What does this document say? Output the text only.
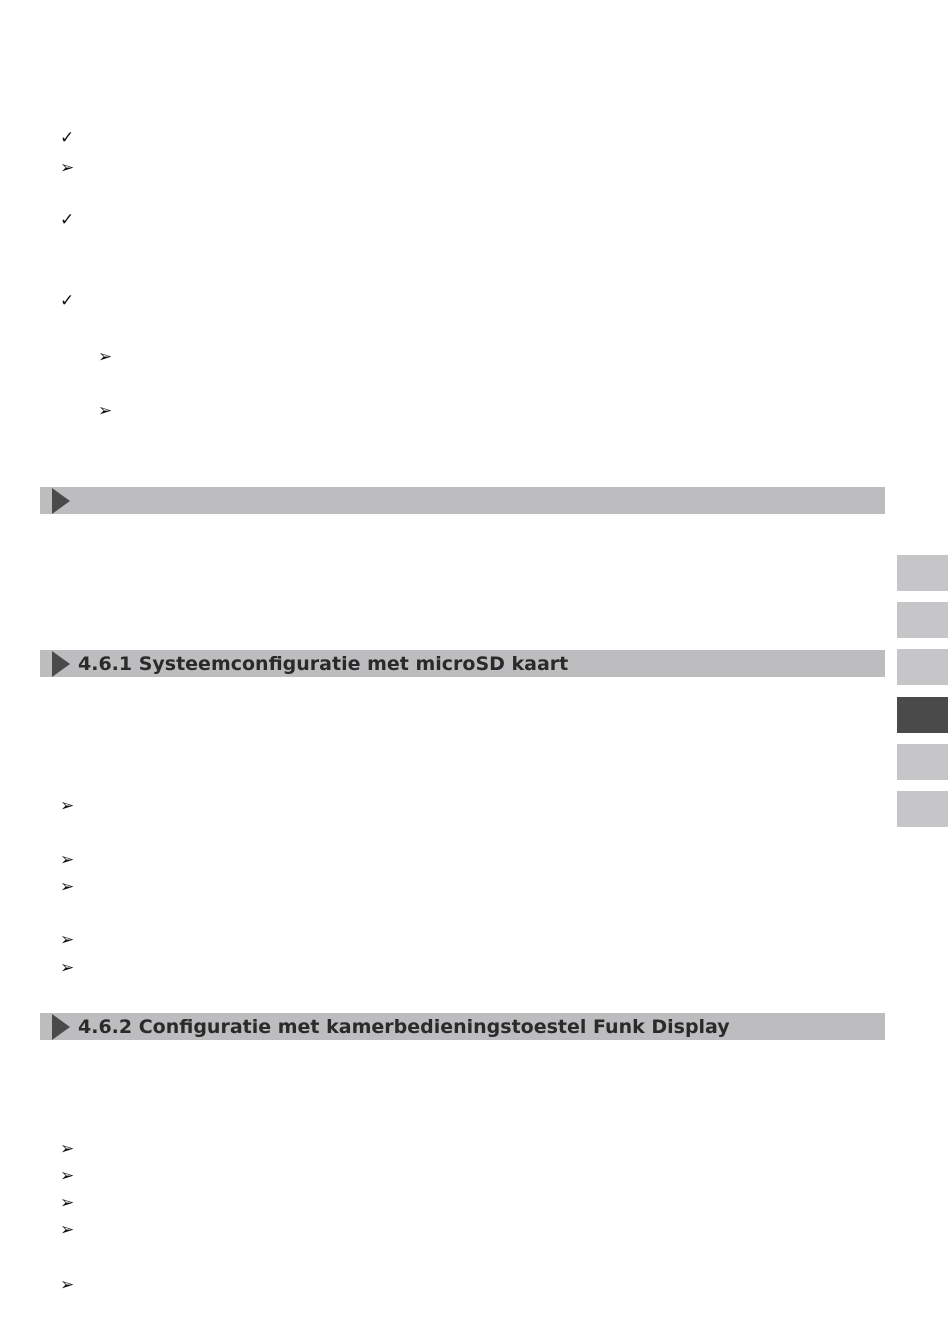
✓
➢
✓
✓
➢
➢
4.6.1 Systeemconfiguratie met microSD kaart
➢
➢
➢
➢
➢
4.6.2 Configuratie met kamerbedieningstoestel Funk Display
➢
➢
➢
➢
➢
